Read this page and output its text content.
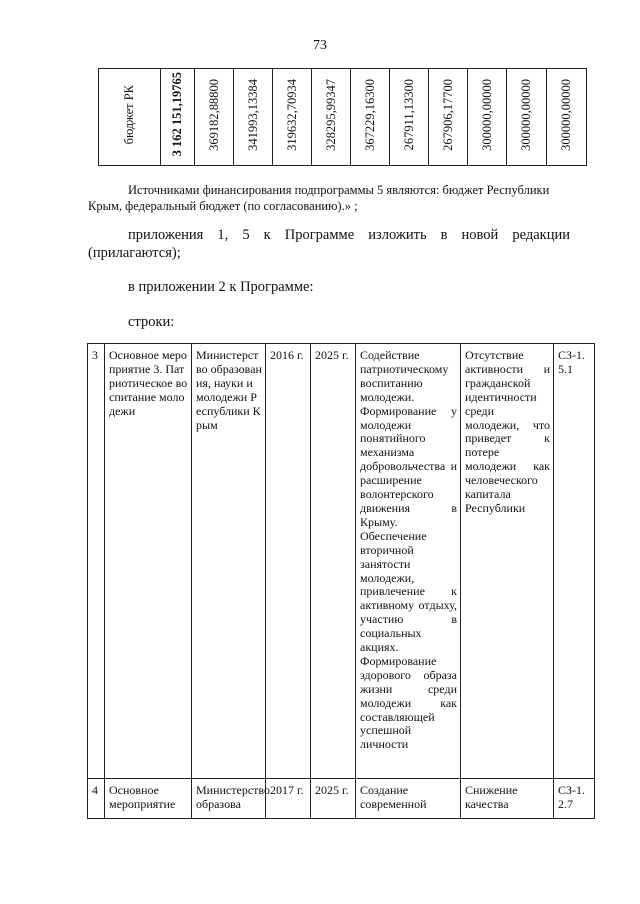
73
бюджет РК	3 162 151,19765	369182,88800	341993,13384	319632,70934	328295,99347	367229,16300	267911,13300	267906,17700	300000,00000	300000,00000	300000,00000
Источниками финансирования подпрограммы 5 являются: бюджет Республики
Крым, федеральный бюджет (по согласованию).» ;
приложения 1, 5 к Программе изложить в новой редакции
(прилагаются);
в приложении 2 к Программе:
строки:
3	Основное мероприятие 3. Патриотическое воспитание молодежи	Министерство образования, науки и молодежи Республики Крым	2016 г.	2025 г.	Содействие патриотическому воспитанию молодежи. Формирование у молодежи понятийного механизма добровольчества и расширение волонтерского движения в Крыму. Обеспечение вторичной занятости молодежи, привлечение к активному отдыху, участию в социальных акциях. Формирование здорового образа жизни среди молодежи как составляющей успешной личности	Отсутствие активности и гражданской идентичности среди молодежи, что приведет к потере молодежи как человеческого капитала Республики	СЗ-1.5.1
4	Основное мероприятие	Министерство образова	2017 г.	2025 г.	Создание современной	Снижение качества	СЗ-1.2.7
